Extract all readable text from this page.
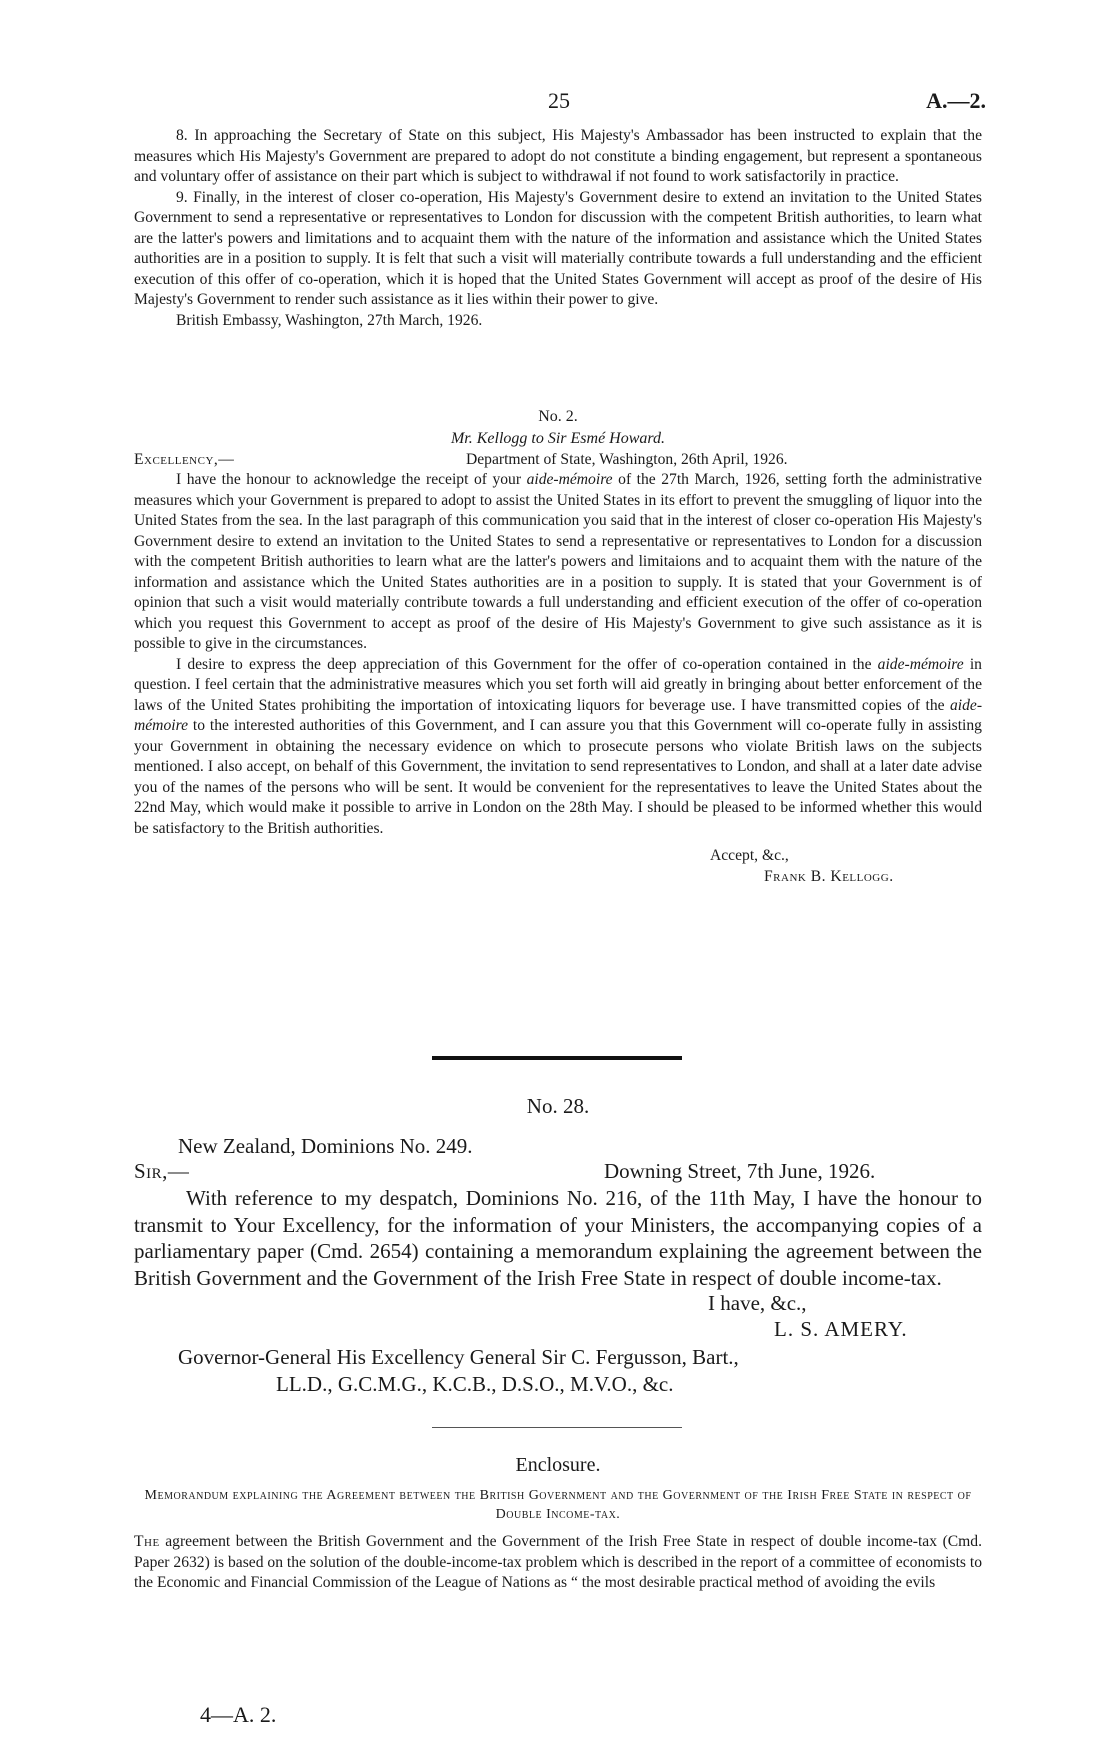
25	A.—2.

8. In approaching the Secretary of State on this subject, His Majesty's Ambassador has been instructed to explain that the measures which His Majesty's Government are prepared to adopt do not constitute a binding engagement, but represent a spontaneous and voluntary offer of assistance on their part which is subject to withdrawal if not found to work satisfactorily in practice.

9. Finally, in the interest of closer co-operation, His Majesty's Government desire to extend an invitation to the United States Government to send a representative or representatives to London for discussion with the competent British authorities, to learn what are the latter's powers and limitations and to acquaint them with the nature of the information and assistance which the United States authorities are in a position to supply. It is felt that such a visit will materially contribute towards a full understanding and the efficient execution of this offer of co-operation, which it is hoped that the United States Government will accept as proof of the desire of His Majesty's Government to render such assistance as it lies within their power to give.

British Embassy, Washington, 27th March, 1926.

No. 2.
Mr. Kellogg to Sir Esmé Howard.
Excellency,—	Department of State, Washington, 26th April, 1926.

I have the honour to acknowledge the receipt of your aide-mémoire of the 27th March, 1926, setting forth the administrative measures which your Government is prepared to adopt to assist the United States in its effort to prevent the smuggling of liquor into the United States from the sea. In the last paragraph of this communication you said that in the interest of closer co-operation His Majesty's Government desire to extend an invitation to the United States to send a representative or representatives to London for a discussion with the competent British authorities to learn what are the latter's powers and limitaions and to acquaint them with the nature of the information and assistance which the United States authorities are in a position to supply. It is stated that your Government is of opinion that such a visit would materially contribute towards a full understanding and efficient execution of the offer of co-operation which you request this Government to accept as proof of the desire of His Majesty's Government to give such assistance as it is possible to give in the circumstances.

I desire to express the deep appreciation of this Government for the offer of co-operation contained in the aide-mémoire in question. I feel certain that the administrative measures which you set forth will aid greatly in bringing about better enforcement of the laws of the United States prohibiting the importation of intoxicating liquors for beverage use. I have transmitted copies of the aide-mémoire to the interested authorities of this Government, and I can assure you that this Government will co-operate fully in assisting your Government in obtaining the necessary evidence on which to prosecute persons who violate British laws on the subjects mentioned. I also accept, on behalf of this Government, the invitation to send representatives to London, and shall at a later date advise you of the names of the persons who will be sent. It would be convenient for the representatives to leave the United States about the 22nd May, which would make it possible to arrive in London on the 28th May. I should be pleased to be informed whether this would be satisfactory to the British authorities.

Accept, &c.,
Frank B. Kellogg.
No. 28.
New Zealand, Dominions No. 249.
Sir,—	Downing Street, 7th June, 1926.

With reference to my despatch, Dominions No. 216, of the 11th May, I have the honour to transmit to Your Excellency, for the information of your Ministers, the accompanying copies of a parliamentary paper (Cmd. 2654) containing a memorandum explaining the agreement between the British Government and the Government of the Irish Free State in respect of double income-tax.

I have, &c.,
L. S. AMERY.
Governor-General His Excellency General Sir C. Fergusson, Bart.,
LL.D., G.C.M.G., K.C.B., D.S.O., M.V.O., &c.
Enclosure.
Memorandum explaining the Agreement between the British Government and the Government of the Irish Free State in respect of Double Income-tax.

The agreement between the British Government and the Government of the Irish Free State in respect of double income-tax (Cmd. Paper 2632) is based on the solution of the double-income-tax problem which is described in the report of a committee of economists to the Economic and Financial Commission of the League of Nations as “ the most desirable practical method of avoiding the evils

4—A. 2.
